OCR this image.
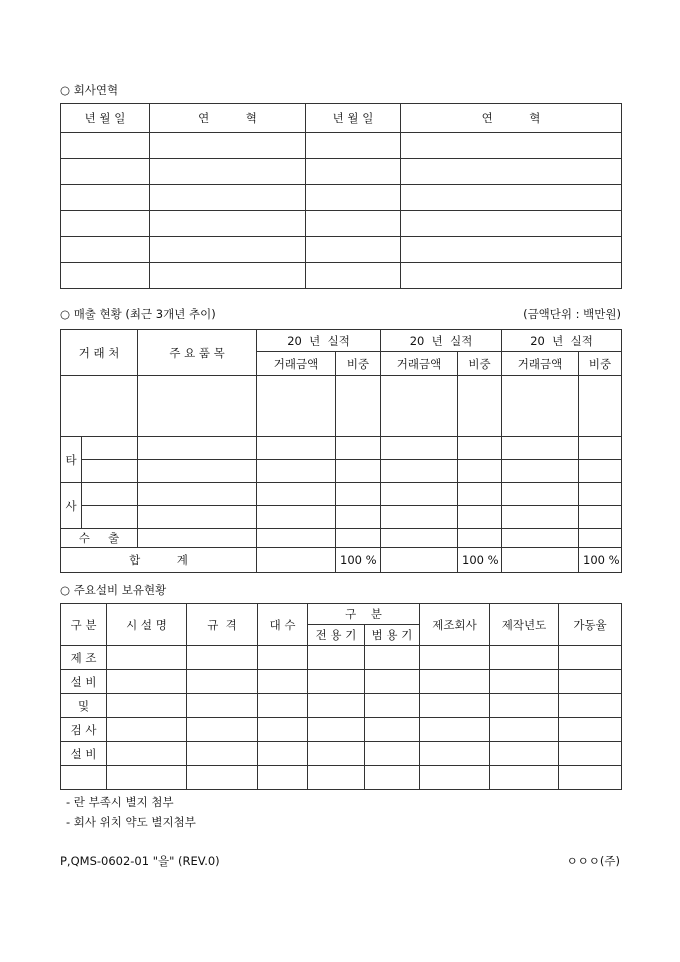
○ 회사연혁
년 월 일	연          혁	년 월 일	연          혁

○ 매출 현황 (최근 3개년 추이)	(금액단위 : 백만원)
거 래 처		주 요 품 목	20  년  실적		20  년  실적		20  년  실적	
			거래금액	비중	거래금액	비중	거래금액	비중

타								

사								

수     출								
합          계				100 %		100 %		100 %
○ 주요설비 보유현황
구 분	시 설 명	규  격	대 수	구    분		제조회사	제작년도	가동율
				전 용 기	범 용 기			
제 조								
설 비								
및								
검 사								
설 비								

- 란 부족시 별지 첨부
- 회사 위치 약도 별지첨부
P,QMS-0602-01 "을" (REV.0)	ㅇㅇㅇ(주)
